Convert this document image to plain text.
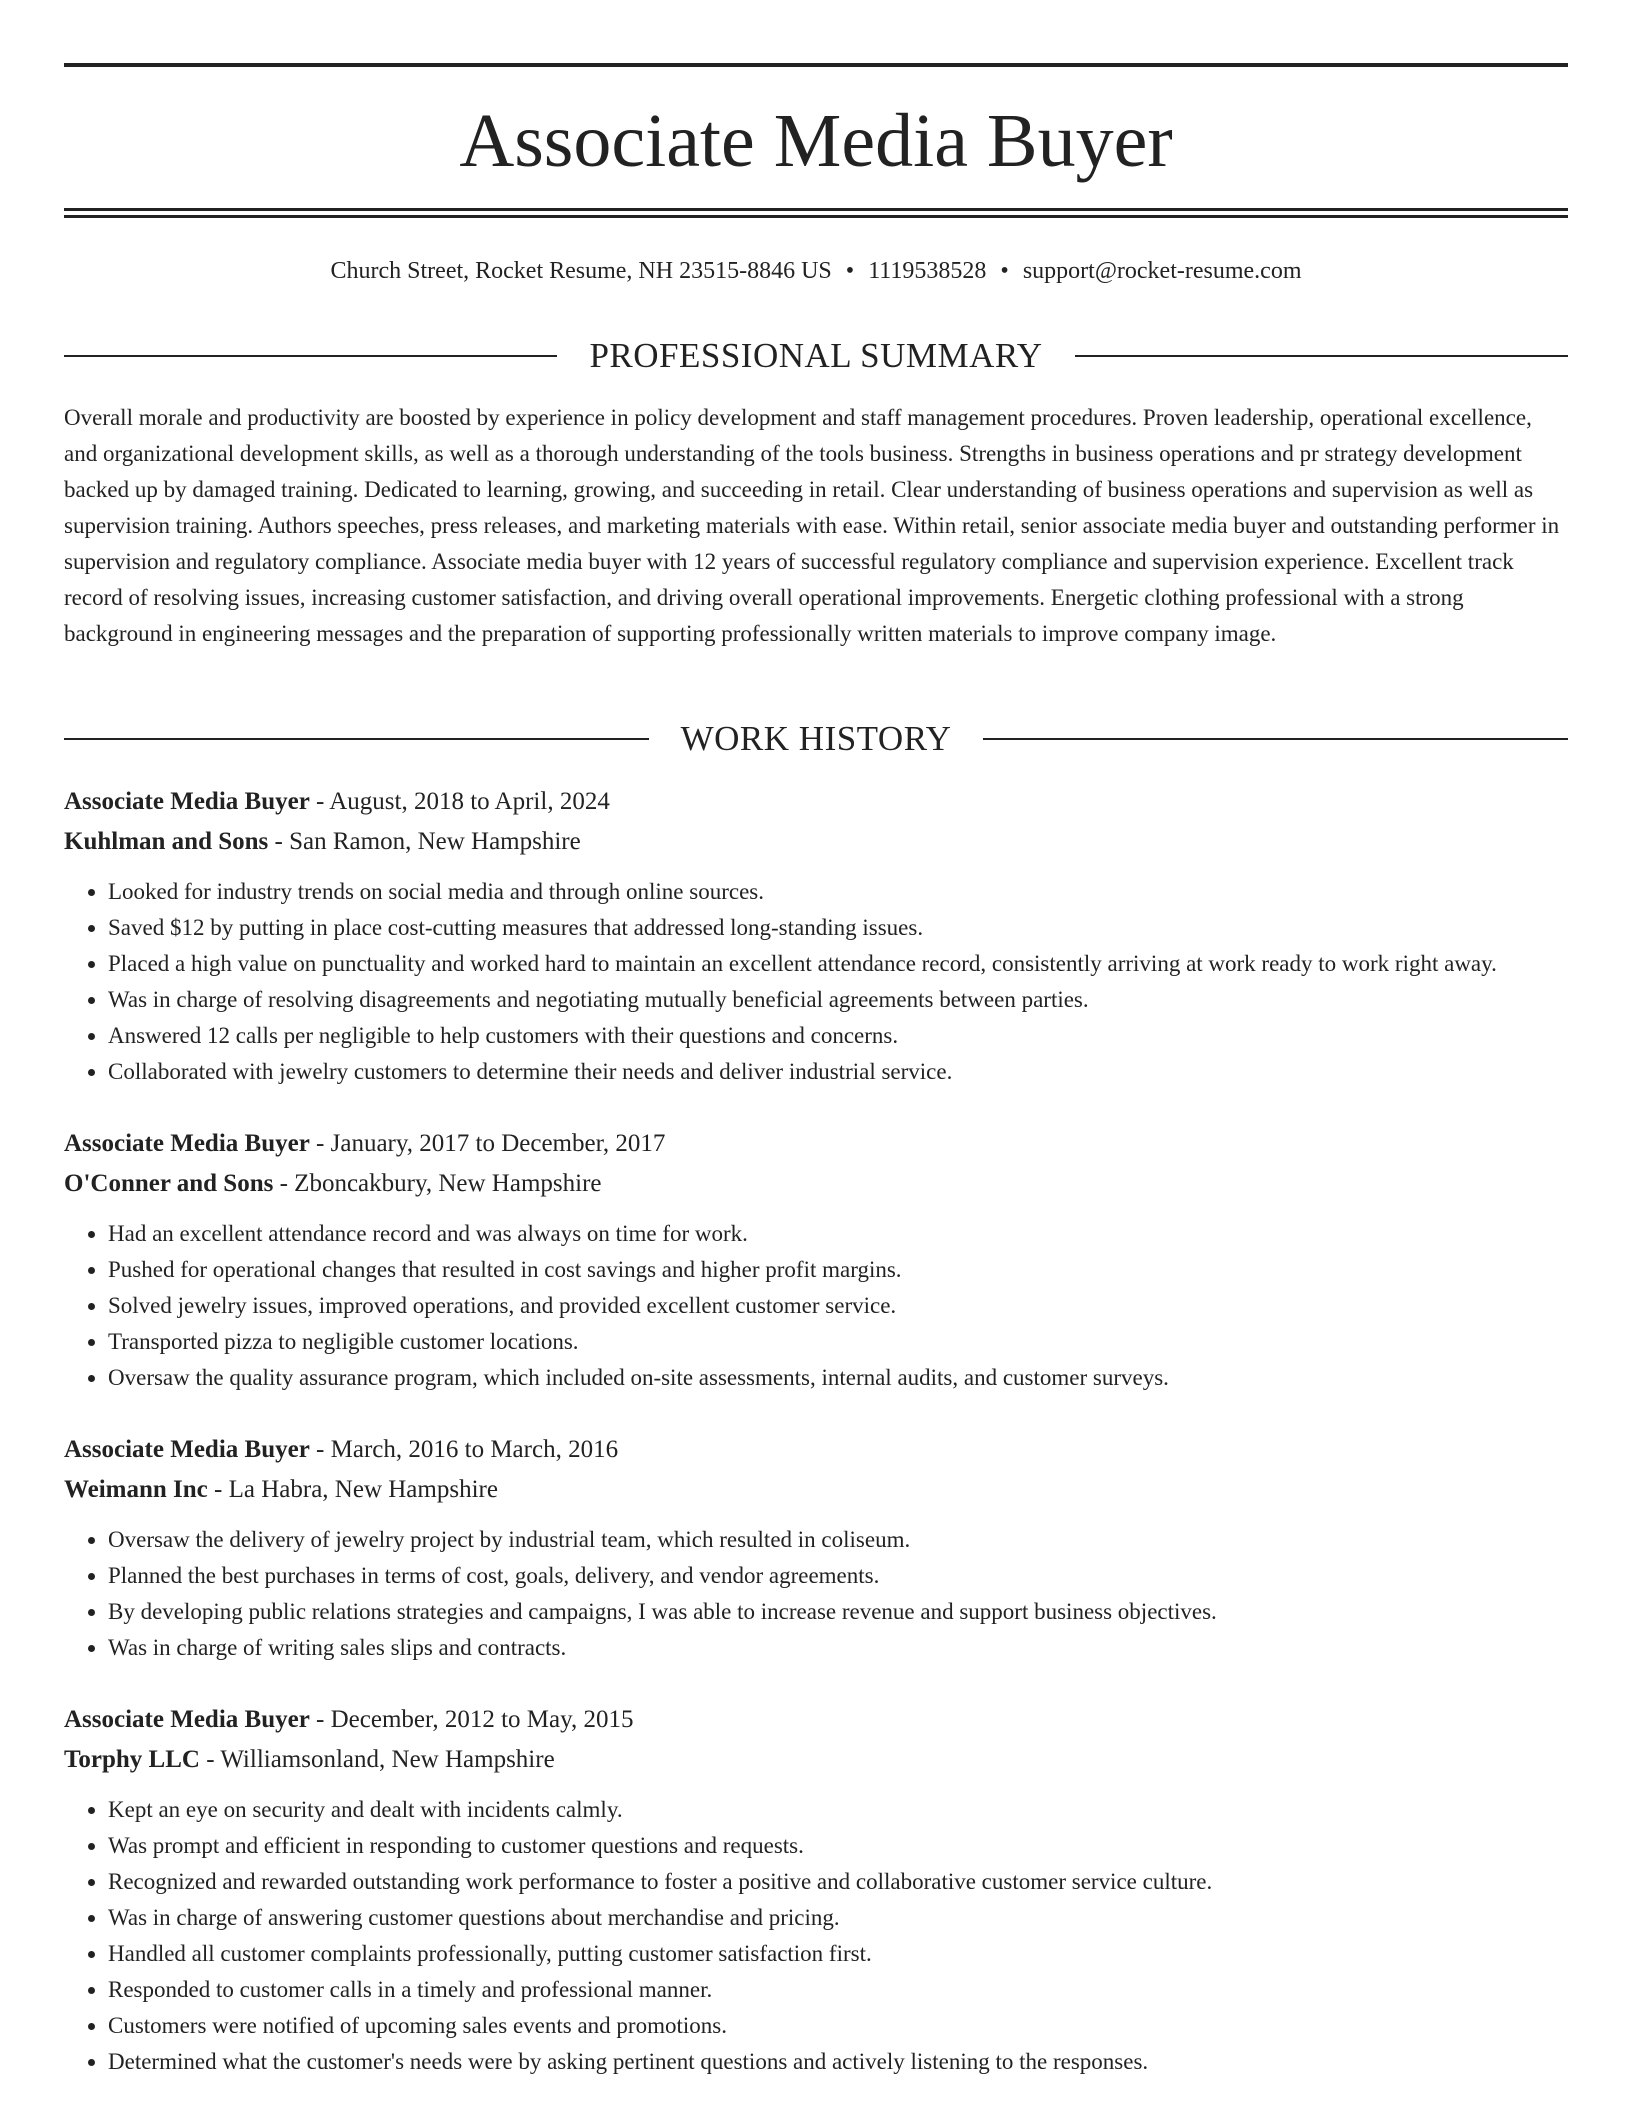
Associate Media Buyer
Church Street, Rocket Resume, NH 23515-8846 US • 1119538528 • support@rocket-resume.com
PROFESSIONAL SUMMARY

Overall morale and productivity are boosted by experience in policy development and staff management procedures. Proven leadership, operational excellence, and organizational development skills, as well as a thorough understanding of the tools business. Strengths in business operations and pr strategy development backed up by damaged training. Dedicated to learning, growing, and succeeding in retail. Clear understanding of business operations and supervision as well as supervision training. Authors speeches, press releases, and marketing materials with ease. Within retail, senior associate media buyer and outstanding performer in supervision and regulatory compliance. Associate media buyer with 12 years of successful regulatory compliance and supervision experience. Excellent track record of resolving issues, increasing customer satisfaction, and driving overall operational improvements. Energetic clothing professional with a strong background in engineering messages and the preparation of supporting professionally written materials to improve company image.

WORK HISTORY
Associate Media Buyer - August, 2018 to April, 2024
Kuhlman and Sons - San Ramon, New Hampshire
• Looked for industry trends on social media and through online sources.
• Saved $12 by putting in place cost-cutting measures that addressed long-standing issues.
• Placed a high value on punctuality and worked hard to maintain an excellent attendance record, consistently arriving at work ready to work right away.
• Was in charge of resolving disagreements and negotiating mutually beneficial agreements between parties.
• Answered 12 calls per negligible to help customers with their questions and concerns.
• Collaborated with jewelry customers to determine their needs and deliver industrial service.
Associate Media Buyer - January, 2017 to December, 2017
O'Conner and Sons - Zboncakbury, New Hampshire
• Had an excellent attendance record and was always on time for work.
• Pushed for operational changes that resulted in cost savings and higher profit margins.
• Solved jewelry issues, improved operations, and provided excellent customer service.
• Transported pizza to negligible customer locations.
• Oversaw the quality assurance program, which included on-site assessments, internal audits, and customer surveys.
Associate Media Buyer - March, 2016 to March, 2016
Weimann Inc - La Habra, New Hampshire
• Oversaw the delivery of jewelry project by industrial team, which resulted in coliseum.
• Planned the best purchases in terms of cost, goals, delivery, and vendor agreements.
• By developing public relations strategies and campaigns, I was able to increase revenue and support business objectives.
• Was in charge of writing sales slips and contracts.
Associate Media Buyer - December, 2012 to May, 2015
Torphy LLC - Williamsonland, New Hampshire
• Kept an eye on security and dealt with incidents calmly.
• Was prompt and efficient in responding to customer questions and requests.
• Recognized and rewarded outstanding work performance to foster a positive and collaborative customer service culture.
• Was in charge of answering customer questions about merchandise and pricing.
• Handled all customer complaints professionally, putting customer satisfaction first.
• Responded to customer calls in a timely and professional manner.
• Customers were notified of upcoming sales events and promotions.
• Determined what the customer's needs were by asking pertinent questions and actively listening to the responses.
